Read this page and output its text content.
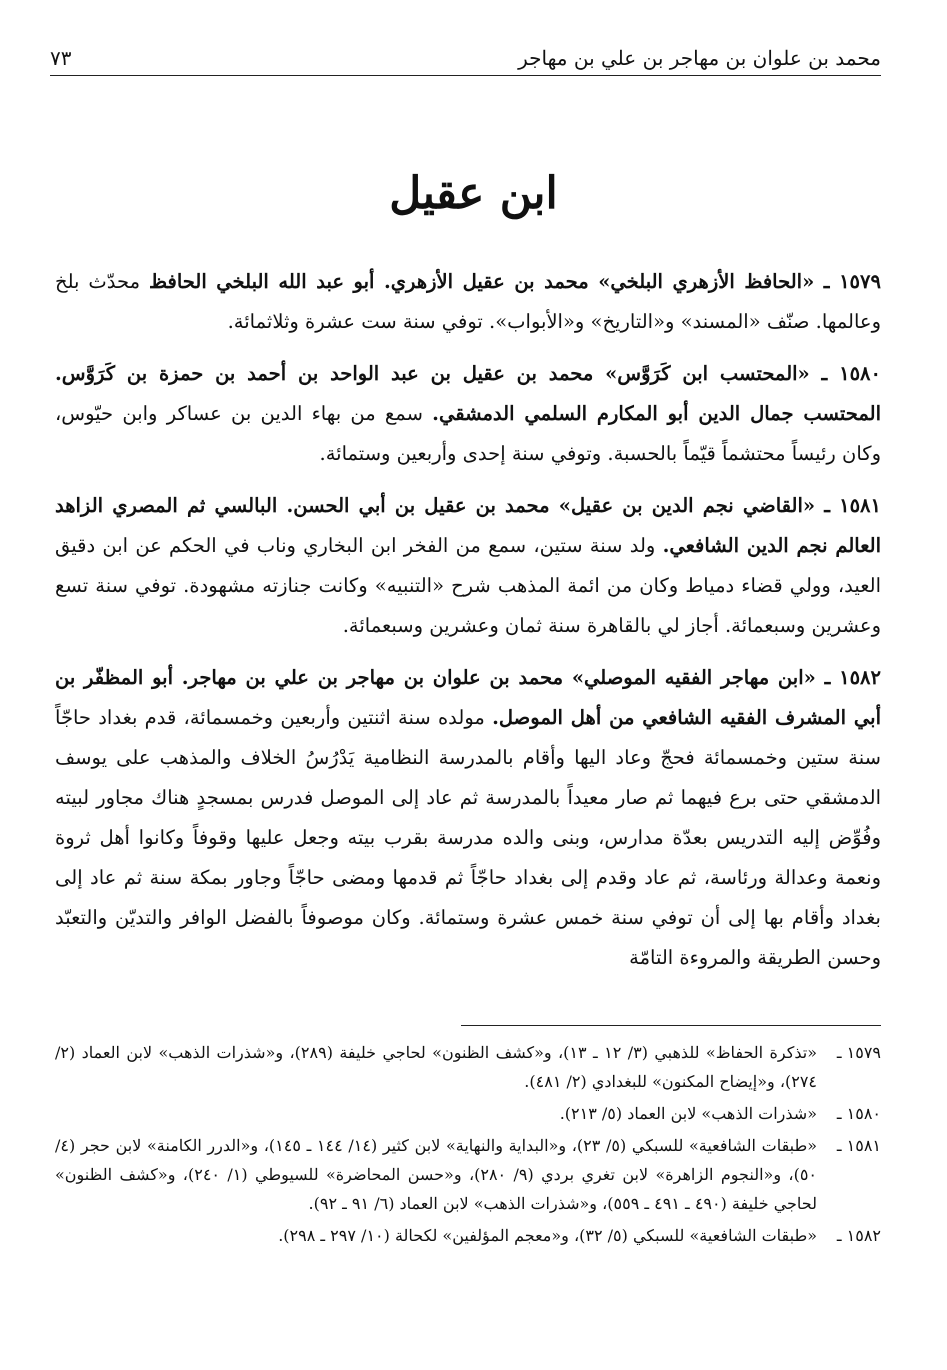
محمد بن علوان بن مهاجر بن علي بن مهاجر
٧٣
ابن عقيل

١٥٧٩ ـ «الحافظ الأزهري البلخي» محمد بن عقيل الأزهري. أبو عبد الله البلخي الحافظ محدّث بلخ وعالمها. صنّف «المسند» و«التاريخ» و«الأبواب». توفي سنة ست عشرة وثلاثمائة.

١٥٨٠ ـ «المحتسب ابن كَرَوَّس» محمد بن عقيل بن عبد الواحد بن أحمد بن حمزة بن كَرَوَّس. المحتسب جمال الدين أبو المكارم السلمي الدمشقي. سمع من بهاء الدين بن عساكر وابن حيّوس، وكان رئيساً محتشماً قيّماً بالحسبة. وتوفي سنة إحدى وأربعين وستمائة.

١٥٨١ ـ «القاضي نجم الدين بن عقيل» محمد بن عقيل بن أبي الحسن. البالسي ثم المصري الزاهد العالم نجم الدين الشافعي. ولد سنة ستين، سمع من الفخر ابن البخاري وناب في الحكم عن ابن دقيق العيد، وولي قضاء دمياط وكان من ائمة المذهب شرح «التنبيه» وكانت جنازته مشهودة. توفي سنة تسع وعشرين وسبعمائة. أجاز لي بالقاهرة سنة ثمان وعشرين وسبعمائة.

١٥٨٢ ـ «ابن مهاجر الفقيه الموصلي» محمد بن علوان بن مهاجر بن علي بن مهاجر. أبو المظفّر بن أبي المشرف الفقيه الشافعي من أهل الموصل. مولده سنة اثنتين وأربعين وخمسمائة، قدم بغداد حاجّاً سنة ستين وخمسمائة فحجّ وعاد اليها وأقام بالمدرسة النظامية يَدْرُسُ الخلاف والمذهب على يوسف الدمشقي حتى برع فيهما ثم صار معيداً بالمدرسة ثم عاد إلى الموصل فدرس بمسجدٍ هناك مجاور لبيته وفُوِّض إليه التدريس بعدّة مدارس، وبنى والده مدرسة بقرب بيته وجعل عليها وقوفاً وكانوا أهل ثروة ونعمة وعدالة ورئاسة، ثم عاد وقدم إلى بغداد حاجّاً ثم قدمها ومضى حاجّاً وجاور بمكة سنة ثم عاد إلى بغداد وأقام بها إلى أن توفي سنة خمس عشرة وستمائة. وكان موصوفاً بالفضل الوافر والتديّن والتعبّد وحسن الطريقة والمروءة التامّة

١٥٧٩ ـ
«تذكرة الحفاظ» للذهبي (٣/ ١٢ ـ ١٣)، و«كشف الظنون» لحاجي خليفة (٢٨٩)، و«شذرات الذهب» لابن العماد (٢/ ٢٧٤)، و«إيضاح المكنون» للبغدادي (٢/ ٤٨١).
١٥٨٠ ـ
«شذرات الذهب» لابن العماد (٥/ ٢١٣).
١٥٨١ ـ
«طبقات الشافعية» للسبكي (٥/ ٢٣)، و«البداية والنهاية» لابن كثير (١٤/ ١٤٤ ـ ١٤٥)، و«الدرر الكامنة» لابن حجر (٤/ ٥٠)، و«النجوم الزاهرة» لابن تغري بردي (٩/ ٢٨٠)، و«حسن المحاضرة» للسيوطي (١/ ٢٤٠)، و«كشف الظنون» لحاجي خليفة (٤٩٠ ـ ٤٩١ ـ ٥٥٩)، و«شذرات الذهب» لابن العماد (٦/ ٩١ ـ ٩٢).
١٥٨٢ ـ
«طبقات الشافعية» للسبكي (٥/ ٣٢)، و«معجم المؤلفين» لكحالة (١٠/ ٢٩٧ ـ ٢٩٨).
